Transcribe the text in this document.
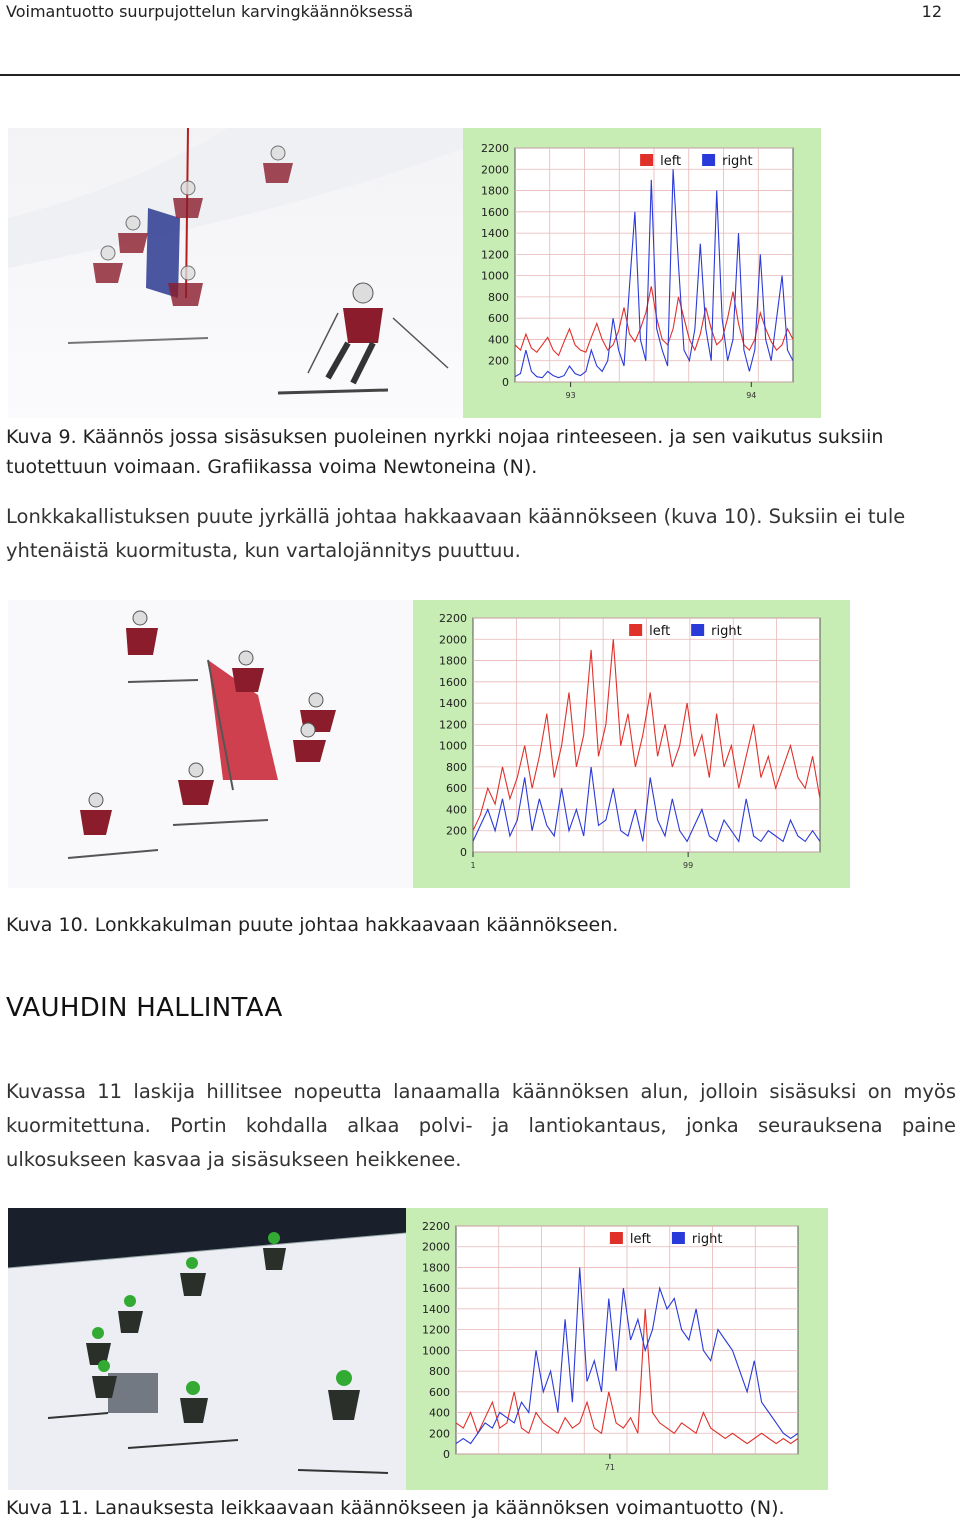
Voimantuotto suurpujottelun karvingkäännöksessä	12
2200
2000
1800
1600
1400
1200
1000
800
600
400
200
0
93	94
left	right
Kuva 9. Käännös jossa sisäsuksen puoleinen nyrkki nojaa rinteeseen. ja sen vaikutus suksiin tuotettuun voimaan. Grafiikassa voima Newtoneina (N).
Lonkkakallistuksen puute jyrkällä johtaa hakkaavaan käännökseen (kuva 10). Suksiin ei tule yhtenäistä kuormitusta, kun vartalojännitys puuttuu.
2200
2000
1800
1600
1400
1200
1000
800
600
400
200
0
1	99
left	right
Kuva 10. Lonkkakulman puute johtaa hakkaavaan käännökseen.
VAUHDIN HALLINTAA
Kuvassa 11 laskija hillitsee nopeutta lanaamalla käännöksen alun, jolloin sisäsuksi on myös kuormitettuna. Portin kohdalla alkaa polvi- ja lantiokantaus, jonka seurauksena paine ulkosukseen kasvaa ja sisäsukseen heikkenee.
2200
2000
1800
1600
1400
1200
1000
800
600
400
200
0
71
left	right
Kuva 11. Lanauksesta leikkaavaan käännökseen ja käännöksen voimantuotto (N).
